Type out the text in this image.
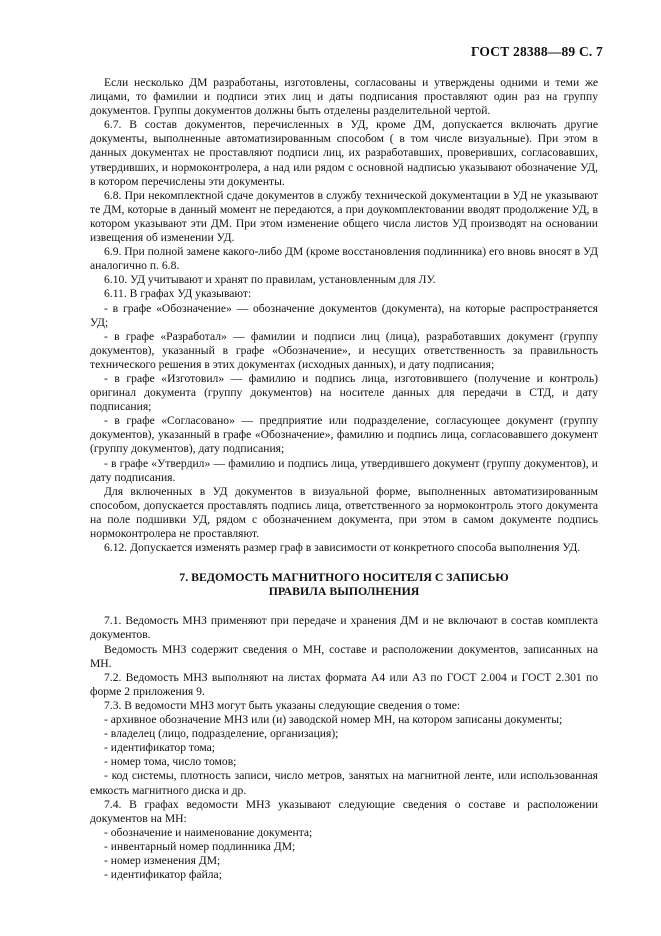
ГОСТ 28388—89 С. 7

Если несколько ДМ разработаны, изготовлены, согласованы и утверждены одними и теми же лицами, то фамилии и подписи этих лиц и даты подписания проставляют один раз на группу документов. Группы документов должны быть отделены разделительной чертой.

6.7. В состав документов, перечисленных в УД, кроме ДМ, допускается включать другие документы, выполненные автоматизированным способом ( в том числе визуальные). При этом в данных документах не проставляют подписи лиц, их разработавших, проверивших, согласовавших, утвердивших, и нормоконтролера, а над или рядом с основной надписью указывают обозначение УД, в котором перечислены эти документы.

6.8. При некомплектной сдаче документов в службу технической документации в УД не указывают те ДМ, которые в данный момент не передаются, а при доукомплектовании вводят продолжение УД, в котором указывают эти ДМ. При этом изменение общего числа листов УД производят на основании извещения об изменении УД.

6.9. При полной замене какого-либо ДМ (кроме восстановления подлинника) его вновь вносят в УД аналогично п. 6.8.

6.10. УД учитывают и хранят по правилам, установленным для ЛУ.

6.11. В графах УД указывают:

- в графе «Обозначение» — обозначение документов (документа), на которые распространяется УД;

- в графе «Разработал» — фамилии и подписи лиц (лица), разработавших документ (группу документов), указанный в графе «Обозначение», и несущих ответственность за правильность технического решения в этих документах (исходных данных), и дату подписания;

- в графе «Изготовил» — фамилию и подпись лица, изготовившего (получение и контроль) оригинал документа (группу документов) на носителе данных для передачи в СТД, и дату подписания;

- в графе «Согласовано» — предприятие или подразделение, согласующее документ (группу документов), указанный в графе «Обозначение», фамилию и подпись лица, согласовавшего документ (группу документов), дату подписания;

- в графе «Утвердил» — фамилию и подпись лица, утвердившего документ (группу документов), и дату подписания.

Для включенных в УД документов в визуальной форме, выполненных автоматизированным способом, допускается проставлять подпись лица, ответственного за нормоконтроль этого документа на поле подшивки УД, рядом с обозначением документа, при этом в самом документе подпись нормоконтролера не проставляют.

6.12. Допускается изменять размер граф в зависимости от конкретного способа выполнения УД.

7. ВЕДОМОСТЬ МАГНИТНОГО НОСИТЕЛЯ С ЗАПИСЬЮ
ПРАВИЛА ВЫПОЛНЕНИЯ

7.1. Ведомость МНЗ применяют при передаче и хранения ДМ и не включают в состав комплекта документов.

Ведомость МНЗ содержит сведения о МН, составе и расположении документов, записанных на МН.

7.2. Ведомость МНЗ выполняют на листах формата А4 или А3 по ГОСТ 2.004 и ГОСТ 2.301 по форме 2 приложения 9.

7.3. В ведомости МНЗ могут быть указаны следующие сведения о томе:

- архивное обозначение МНЗ или (и) заводской номер МН, на котором записаны документы;

- владелец (лицо, подразделение, организация);

- идентификатор тома;

- номер тома, число томов;

- код системы, плотность записи, число метров, занятых на магнитной ленте, или использованная емкость магнитного диска и др.

7.4. В графах ведомости МНЗ указывают следующие сведения о составе и расположении документов на МН:

- обозначение и наименование документа;

- инвентарный номер подлинника ДМ;

- номер изменения ДМ;

- идентификатор файла;
